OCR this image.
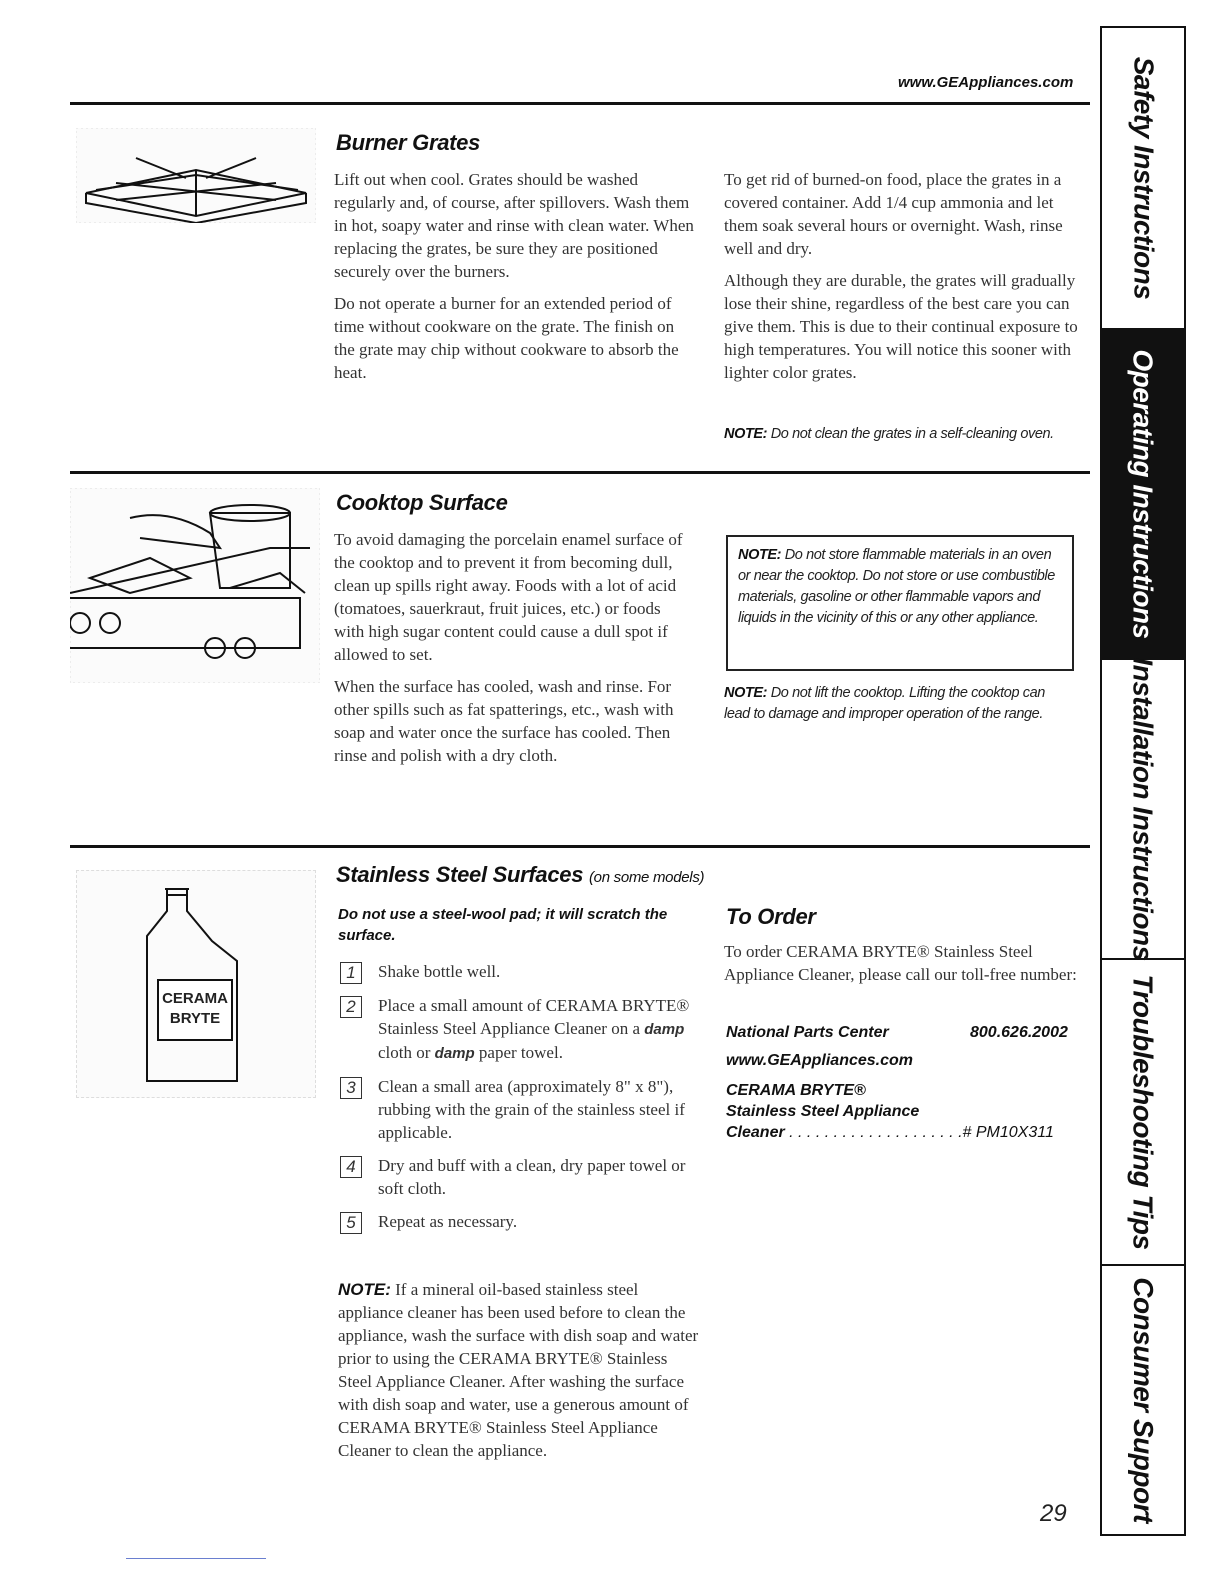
www.GEAppliances.com Safety Instructions
Operating Instructions
Installation Instructions
Troubleshooting Tips
Consumer Support
Burner Grates

Lift out when cool. Grates should be washed regularly and, of course, after spillovers. Wash them in hot, soapy water and rinse with clean water. When replacing the grates, be sure they are positioned securely over the burners.

Do not operate a burner for an extended period of time without cookware on the grate. The finish on the grate may chip without cookware to absorb the heat.

To get rid of burned-on food, place the grates in a covered container. Add 1/4 cup ammonia and let them soak several hours or overnight. Wash, rinse well and dry.

Although they are durable, the grates will gradually lose their shine, regardless of the best care you can give them. This is due to their continual exposure to high temperatures. You will notice this sooner with lighter color grates.

NOTE: Do not clean the grates in a self-cleaning oven.
Cooktop Surface

To avoid damaging the porcelain enamel surface of the cooktop and to prevent it from becoming dull, clean up spills right away. Foods with a lot of acid (tomatoes, sauerkraut, fruit juices, etc.) or foods with high sugar content could cause a dull spot if allowed to set.

When the surface has cooled, wash and rinse. For other spills such as fat spatterings, etc., wash with soap and water once the surface has cooled. Then rinse and polish with a dry cloth.

NOTE: Do not store flammable materials in an oven or near the cooktop. Do not store or use combustible materials, gasoline or other flammable vapors and liquids in the vicinity of this or any other appliance.
NOTE: Do not lift the cooktop. Lifting the cooktop can lead to damage and improper operation of the range.
CERAMA
BRYTE
Stainless Steel Surfaces (on some models)
Do not use a steel-wool pad; it will scratch the surface.
1	Shake bottle well.
2	Place a small amount of CERAMA BRYTE® Stainless Steel Appliance Cleaner on a damp cloth or damp paper towel.
3	Clean a small area (approximately 8" x 8"), rubbing with the grain of the stainless steel if applicable.
4	Dry and buff with a clean, dry paper towel or soft cloth.
5	Repeat as necessary.
NOTE: If a mineral oil-based stainless steel appliance cleaner has been used before to clean the appliance, wash the surface with dish soap and water prior to using the CERAMA BRYTE® Stainless Steel Appliance Cleaner. After washing the surface with dish soap and water, use a generous amount of CERAMA BRYTE® Stainless Steel Appliance Cleaner to clean the appliance.
To Order
To order CERAMA BRYTE® Stainless Steel Appliance Cleaner, please call our toll-free number:
National Parts Center	800.626.2002
www.GEAppliances.com
CERAMA BRYTE®
Stainless Steel Appliance
Cleaner . . . . . . . . . . . . . . . . . . . .# PM10X311
29
